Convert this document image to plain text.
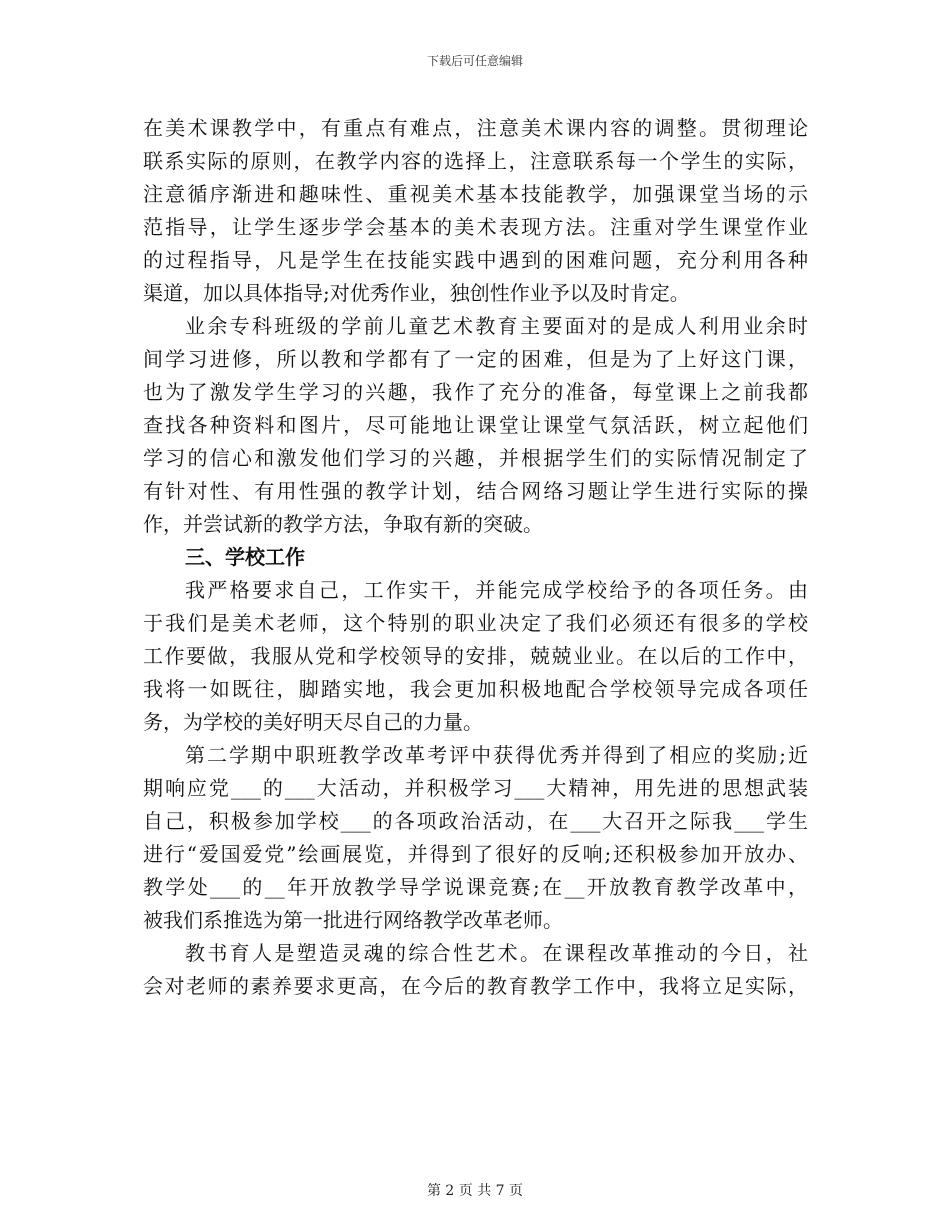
下载后可任意编辑
在美术课教学中，有重点有难点，注意美术课内容的调整。贯彻理论
联系实际的原则，在教学内容的选择上，注意联系每一个学生的实际，
注意循序渐进和趣味性、重视美术基本技能教学，加强课堂当场的示
范指导，让学生逐步学会基本的美术表现方法。注重对学生课堂作业
的过程指导，凡是学生在技能实践中遇到的困难问题，充分利用各种
渠道，加以具体指导;对优秀作业，独创性作业予以及时肯定。
业余专科班级的学前儿童艺术教育主要面对的是成人利用业余时
间学习进修，所以教和学都有了一定的困难，但是为了上好这门课，
也为了激发学生学习的兴趣，我作了充分的准备，每堂课上之前我都
查找各种资料和图片，尽可能地让课堂让课堂气氛活跃，树立起他们
学习的信心和激发他们学习的兴趣，并根据学生们的实际情况制定了
有针对性、有用性强的教学计划，结合网络习题让学生进行实际的操
作，并尝试新的教学方法，争取有新的突破。
三、学校工作
我严格要求自己，工作实干，并能完成学校给予的各项任务。由
于我们是美术老师，这个特别的职业决定了我们必须还有很多的学校
工作要做，我服从党和学校领导的安排，兢兢业业。在以后的工作中，
我将一如既往，脚踏实地，我会更加积极地配合学校领导完成各项任
务，为学校的美好明天尽自己的力量。
第二学期中职班教学改革考评中获得优秀并得到了相应的奖励;近
期响应党___的___大活动，并积极学习___大精神，用先进的思想武装
自己，积极参加学校___的各项政治活动，在___大召开之际我___学生
进行“爱国爱党”绘画展览，并得到了很好的反响;还积极参加开放办、
教学处___的__年开放教学导学说课竞赛;在__开放教育教学改革中，
被我们系推选为第一批进行网络教学改革老师。
教书育人是塑造灵魂的综合性艺术。在课程改革推动的今日，社
会对老师的素养要求更高，在今后的教育教学工作中，我将立足实际，
第 2 页 共 7 页
